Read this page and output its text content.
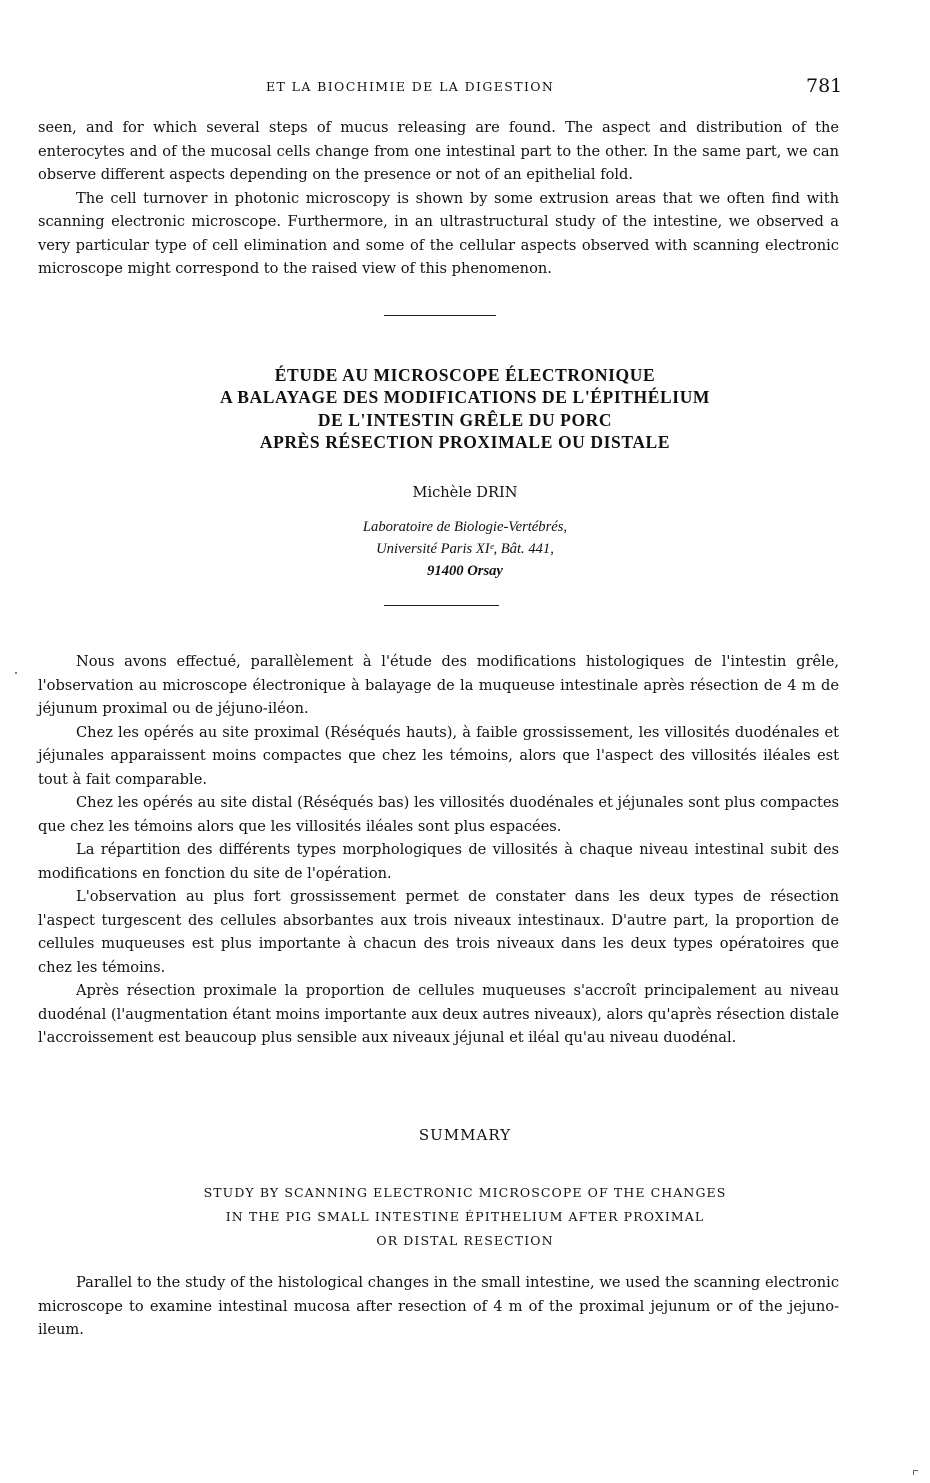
ET LA BIOCHIMIE DE LA DIGESTION	781

seen, and for which several steps of mucus releasing are found. The aspect and distribution of the enterocytes and of the mucosal cells change from one intestinal part to the other. In the same part, we can observe different aspects depending on the presence or not of an epithelial fold.

The cell turnover in photonic microscopy is shown by some extrusion areas that we often find with scanning electronic microscope. Furthermore, in an ultrastructural study of the intestine, we observed a very particular type of cell elimination and some of the cellular aspects observed with scanning electronic microscope might correspond to the raised view of this phenomenon.

ÉTUDE AU MICROSCOPE ÉLECTRONIQUE
A BALAYAGE DES MODIFICATIONS DE L'ÉPITHÉLIUM
DE L'INTESTIN GRÊLE DU PORC
APRÈS RÉSECTION PROXIMALE OU DISTALE
Michèle DRIN
Laboratoire de Biologie-Vertébrés,
Université Paris XIᵉ, Bât. 441,
91400 Orsay

Nous avons effectué, parallèlement à l'étude des modifications histologiques de l'intestin grêle, l'observation au microscope électronique à balayage de la muqueuse intestinale après résection de 4 m de jéjunum proximal ou de jéjuno-iléon.

Chez les opérés au site proximal (Réséqués hauts), à faible grossissement, les villosités duodénales et jéjunales apparaissent moins compactes que chez les témoins, alors que l'aspect des villosités iléales est tout à fait comparable.

Chez les opérés au site distal (Réséqués bas) les villosités duodénales et jéjunales sont plus compactes que chez les témoins alors que les villosités iléales sont plus espacées.

La répartition des différents types morphologiques de villosités à chaque niveau intestinal subit des modifications en fonction du site de l'opération.

L'observation au plus fort grossissement permet de constater dans les deux types de résection l'aspect turgescent des cellules absorbantes aux trois niveaux intestinaux. D'autre part, la proportion de cellules muqueuses est plus importante à chacun des trois niveaux dans les deux types opératoires que chez les témoins.

Après résection proximale la proportion de cellules muqueuses s'accroît principalement au niveau duodénal (l'augmentation étant moins importante aux deux autres niveaux), alors qu'après résection distale l'accroissement est beaucoup plus sensible aux niveaux jéjunal et iléal qu'au niveau duodénal.

SUMMARY
STUDY BY SCANNING ELECTRONIC MICROSCOPE OF THE CHANGES
IN THE PIG SMALL INTESTINE ÉPITHELIUM AFTER PROXIMAL
OR DISTAL RESECTION

Parallel to the study of the histological changes in the small intestine, we used the scanning electronic microscope to examine intestinal mucosa after resection of 4 m of the proximal jejunum or of the jejuno-ileum.
